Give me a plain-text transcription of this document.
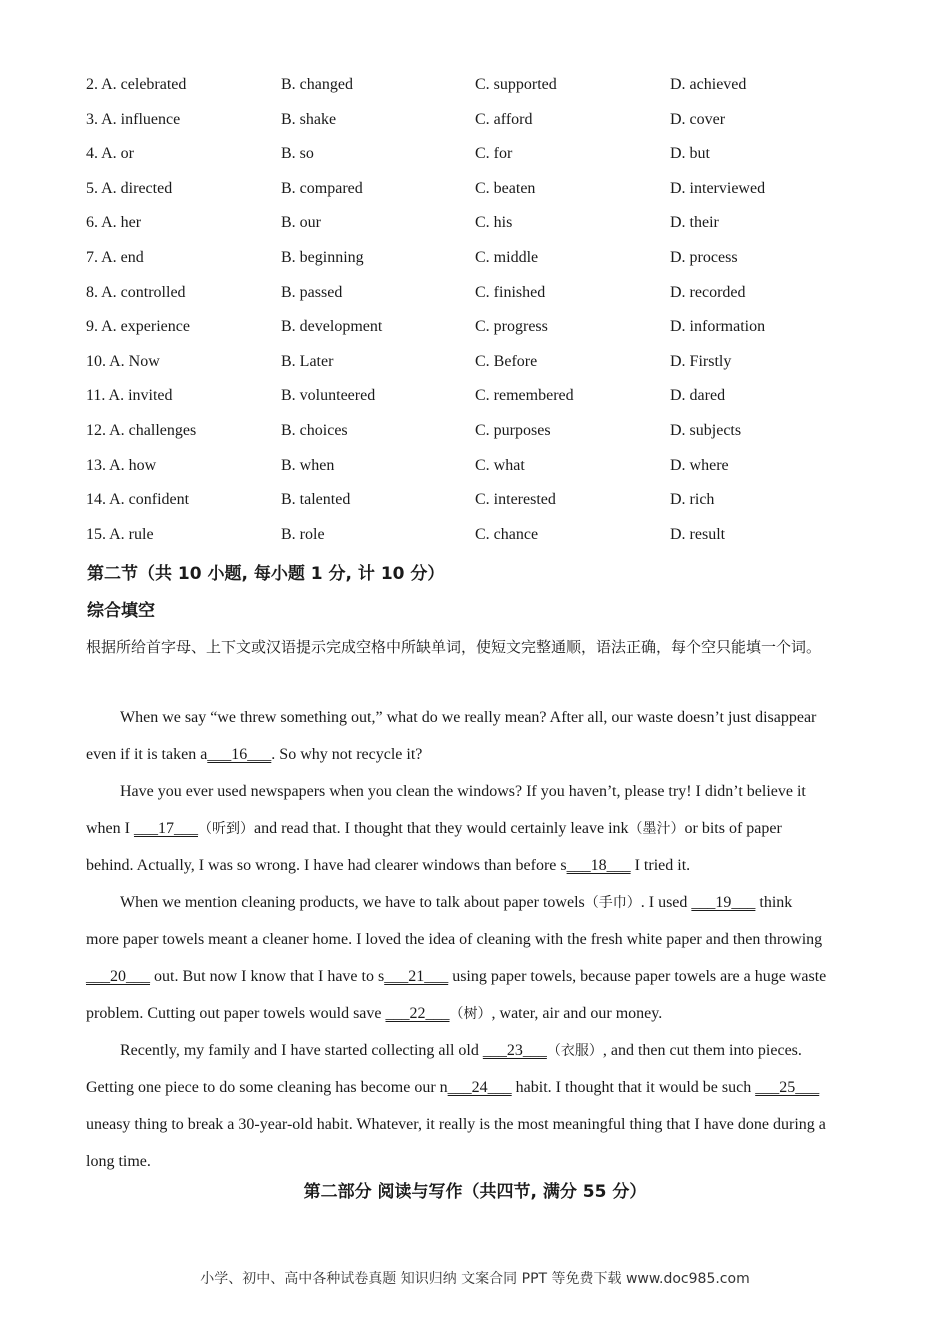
2. A. celebrated	B. changed	C. supported	D. achieved
3. A. influence	B. shake	C. afford	D. cover
4. A. or	B. so	C. for	D. but
5. A. directed	B. compared	C. beaten	D. interviewed
6. A. her	B. our	C. his	D. their
7. A. end	B. beginning	C. middle	D. process
8. A. controlled	B. passed	C. finished	D. recorded
9. A. experience	B. development	C. progress	D. information
10. A. Now	B. Later	C. Before	D. Firstly
11. A. invited	B. volunteered	C. remembered	D. dared
12. A. challenges	B. choices	C. purposes	D. subjects
13. A. how	B. when	C. what	D. where
14. A. confident	B. talented	C. interested	D. rich
15. A. rule	B. role	C. chance	D. result
第二节（共 10 小题, 每小题 1 分, 计 10 分）
综合填空
根据所给首字母、上下文或汉语提示完成空格中所缺单词，使短文完整通顺，语法正确，每个空只能填一个词。
When we say “we threw something out,” what do we really mean? After all, our waste doesn’t just disappear
even if it is taken a___16___. So why not recycle it?
Have you ever used newspapers when you clean the windows? If you haven’t, please try! I didn’t believe it
when I ___17___（听到）and read that. I thought that they would certainly leave ink（墨汁）or bits of paper
behind. Actually, I was so wrong. I have had clearer windows than before s___18___ I tried it.
When we mention cleaning products, we have to talk about paper towels（手巾）. I used ___19___ think
more paper towels meant a cleaner home. I loved the idea of cleaning with the fresh white paper and then throwing
___20___ out. But now I know that I have to s___21___ using paper towels, because paper towels are a huge waste
problem. Cutting out paper towels would save ___22___（树）, water, air and our money.
Recently, my family and I have started collecting all old ___23___（衣服）, and then cut them into pieces.
Getting one piece to do some cleaning has become our n___24___ habit. I thought that it would be such ___25___
uneasy thing to break a 30-year-old habit. Whatever, it really is the most meaningful thing that I have done during a
long time.
第二部分 阅读与写作（共四节, 满分 55 分）
小学、初中、高中各种试卷真题 知识归纳 文案合同 PPT 等免费下载 www.doc985.com
